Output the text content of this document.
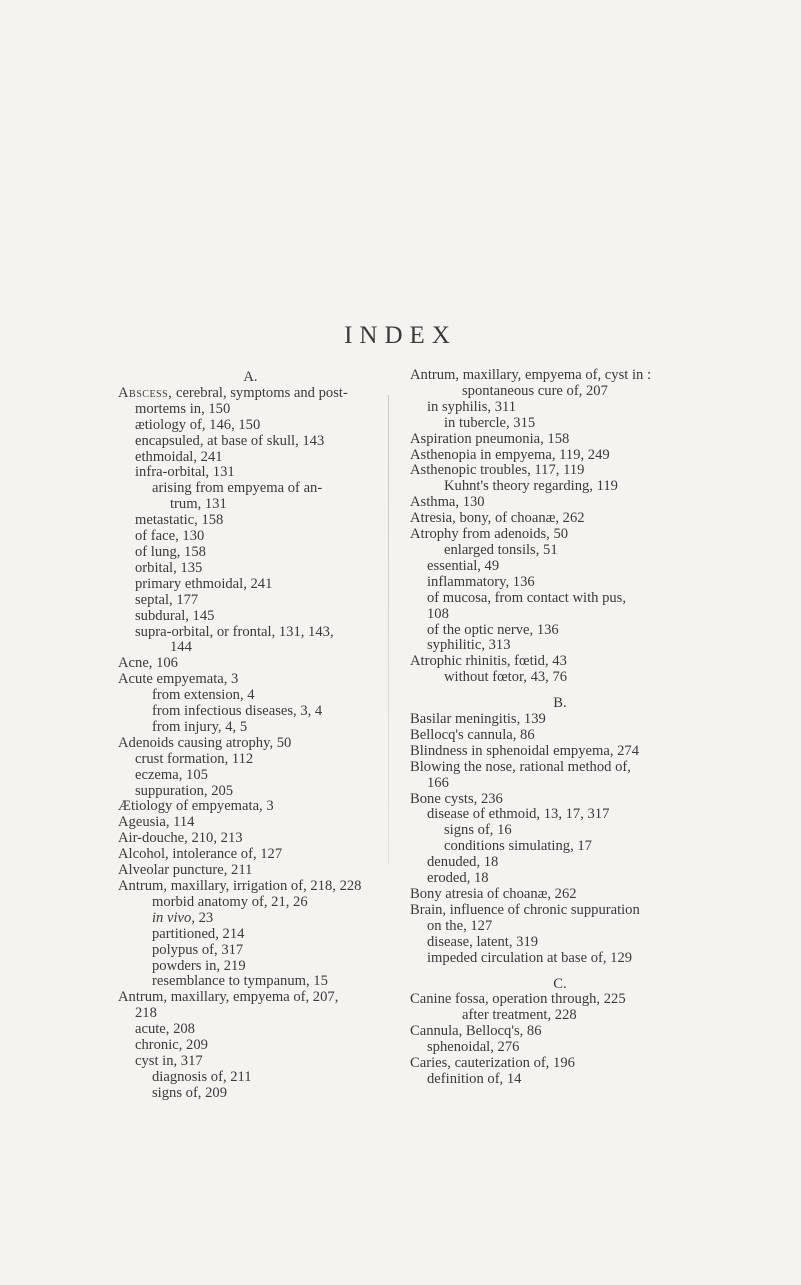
INDEX
A.
Abscess, cerebral, symptoms and post-
mortems in, 150
ætiology of, 146, 150
encapsuled, at base of skull, 143
ethmoidal, 241
infra-orbital, 131
arising from empyema of an-
trum, 131
metastatic, 158
of face, 130
of lung, 158
orbital, 135
primary ethmoidal, 241
septal, 177
subdural, 145
supra-orbital, or frontal, 131, 143,
144
Acne, 106
Acute empyemata, 3
from extension, 4
from infectious diseases, 3, 4
from injury, 4, 5
Adenoids causing atrophy, 50
crust formation, 112
eczema, 105
suppuration, 205
Ætiology of empyemata, 3
Ageusia, 114
Air-douche, 210, 213
Alcohol, intolerance of, 127
Alveolar puncture, 211
Antrum, maxillary, irrigation of, 218, 228
morbid anatomy of, 21, 26
in vivo, 23
partitioned, 214
polypus of, 317
powders in, 219
resemblance to tympanum, 15
Antrum, maxillary, empyema of, 207,
218
acute, 208
chronic, 209
cyst in, 317
diagnosis of, 211
signs of, 209
Antrum, maxillary, empyema of, cyst in :
spontaneous cure of, 207
in syphilis, 311
in tubercle, 315
Aspiration pneumonia, 158
Asthenopia in empyema, 119, 249
Asthenopic troubles, 117, 119
Kuhnt's theory regarding, 119
Asthma, 130
Atresia, bony, of choanæ, 262
Atrophy from adenoids, 50
enlarged tonsils, 51
essential, 49
inflammatory, 136
of mucosa, from contact with pus,
108
of the optic nerve, 136
syphilitic, 313
Atrophic rhinitis, fœtid, 43
without fœtor, 43, 76
B.
Basilar meningitis, 139
Bellocq's cannula, 86
Blindness in sphenoidal empyema, 274
Blowing the nose, rational method of,
166
Bone cysts, 236
disease of ethmoid, 13, 17, 317
signs of, 16
conditions simulating, 17
denuded, 18
eroded, 18
Bony atresia of choanæ, 262
Brain, influence of chronic suppuration
on the, 127
disease, latent, 319
impeded circulation at base of, 129
C.
Canine fossa, operation through, 225
after treatment, 228
Cannula, Bellocq's, 86
sphenoidal, 276
Caries, cauterization of, 196
definition of, 14
